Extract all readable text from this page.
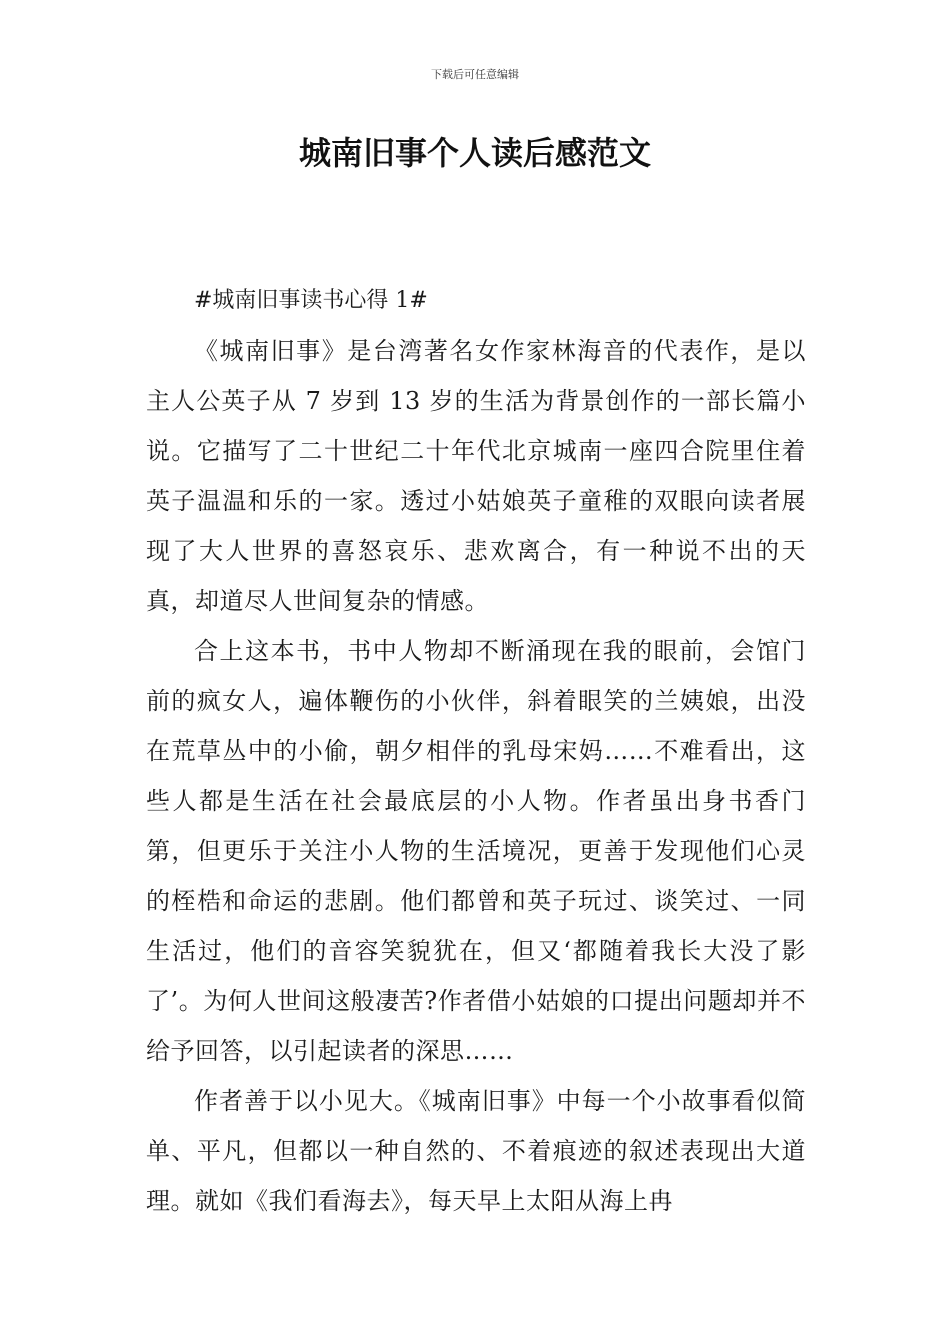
下载后可任意编辑
城南旧事个人读后感范文

#城南旧事读书心得 1#

《城南旧事》是台湾著名女作家林海音的代表作，是以主人公英子从 7 岁到 13 岁的生活为背景创作的一部长篇小说。它描写了二十世纪二十年代北京城南一座四合院里住着英子温温和乐的一家。透过小姑娘英子童稚的双眼向读者展现了大人世界的喜怒哀乐、悲欢离合，有一种说不出的天真，却道尽人世间复杂的情感。

合上这本书，书中人物却不断涌现在我的眼前，会馆门前的疯女人，遍体鞭伤的小伙伴，斜着眼笑的兰姨娘，出没在荒草丛中的小偷，朝夕相伴的乳母宋妈……不难看出，这些人都是生活在社会最底层的小人物。作者虽出身书香门第，但更乐于关注小人物的生活境况，更善于发现他们心灵的桎梏和命运的悲剧。他们都曾和英子玩过、谈笑过、一同生活过，他们的音容笑貌犹在，但又‘都随着我长大没了影了’。为何人世间这般凄苦?作者借小姑娘的口提出问题却并不给予回答，以引起读者的深思……

作者善于以小见大。《城南旧事》中每一个小故事看似简单、平凡，但都以一种自然的、不着痕迹的叙述表现出大道理。就如《我们看海去》，每天早上太阳从海上冉
